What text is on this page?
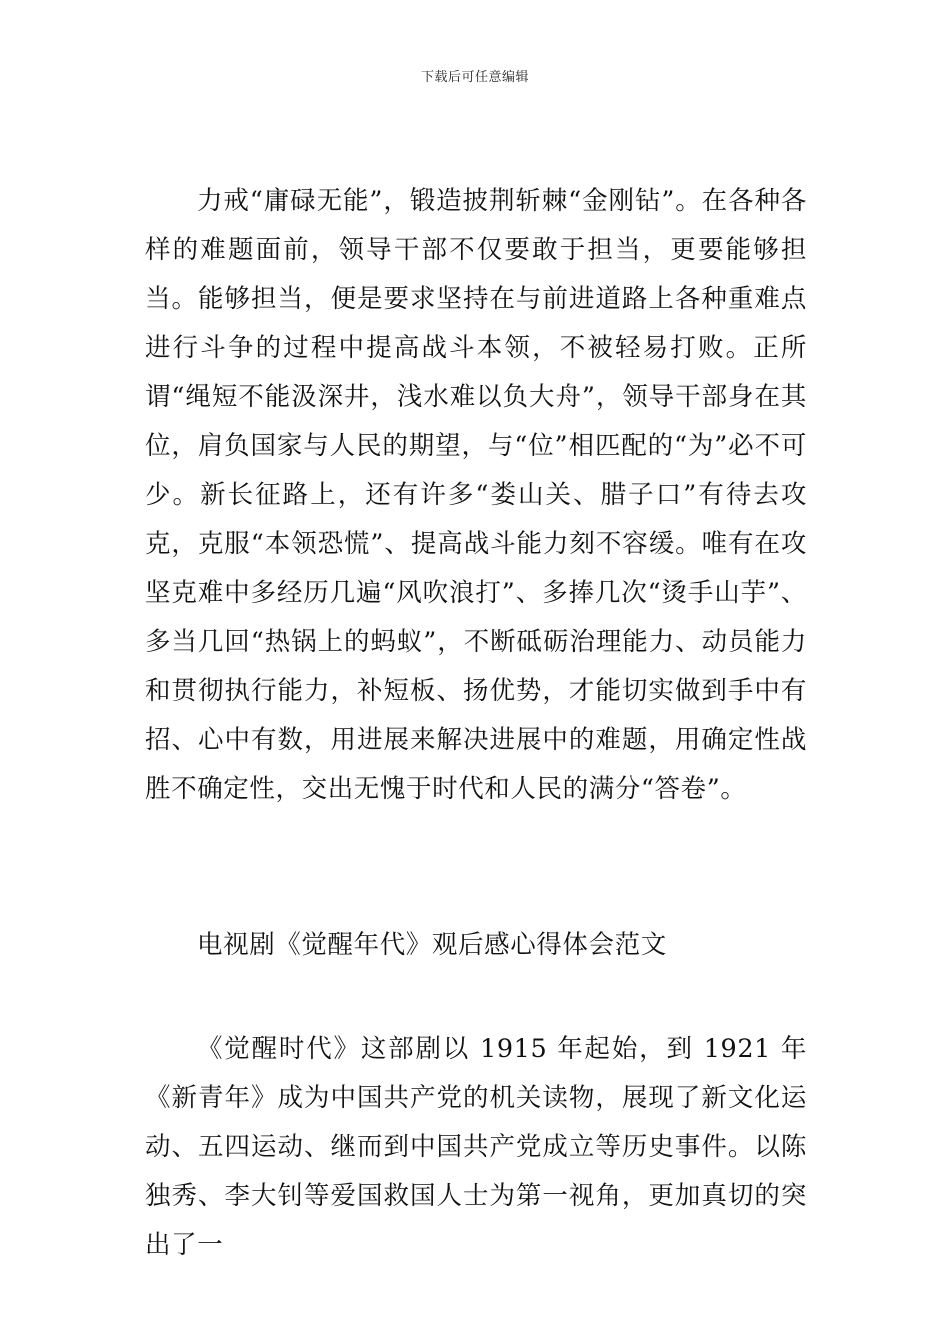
下载后可任意编辑

力戒“庸碌无能”，锻造披荆斩棘“金刚钻”。在各种各样的难题面前，领导干部不仅要敢于担当，更要能够担当。能够担当，便是要求坚持在与前进道路上各种重难点进行斗争的过程中提高战斗本领，不被轻易打败。正所谓“绳短不能汲深井，浅水难以负大舟”，领导干部身在其位，肩负国家与人民的期望，与“位”相匹配的“为”必不可少。新长征路上，还有许多“娄山关、腊子口”有待去攻克，克服“本领恐慌”、提高战斗能力刻不容缓。唯有在攻坚克难中多经历几遍“风吹浪打”、多捧几次“烫手山芋”、多当几回“热锅上的蚂蚁”，不断砥砺治理能力、动员能力和贯彻执行能力，补短板、扬优势，才能切实做到手中有招、心中有数，用进展来解决进展中的难题，用确定性战胜不确定性，交出无愧于时代和人民的满分“答卷”。

电视剧《觉醒年代》观后感心得体会范文

《觉醒时代》这部剧以 1915 年起始，到 1921 年《新青年》成为中国共产党的机关读物，展现了新文化运动、五四运动、继而到中国共产党成立等历史事件。以陈独秀、李大钊等爱国救国人士为第一视角，更加真切的突出了一
